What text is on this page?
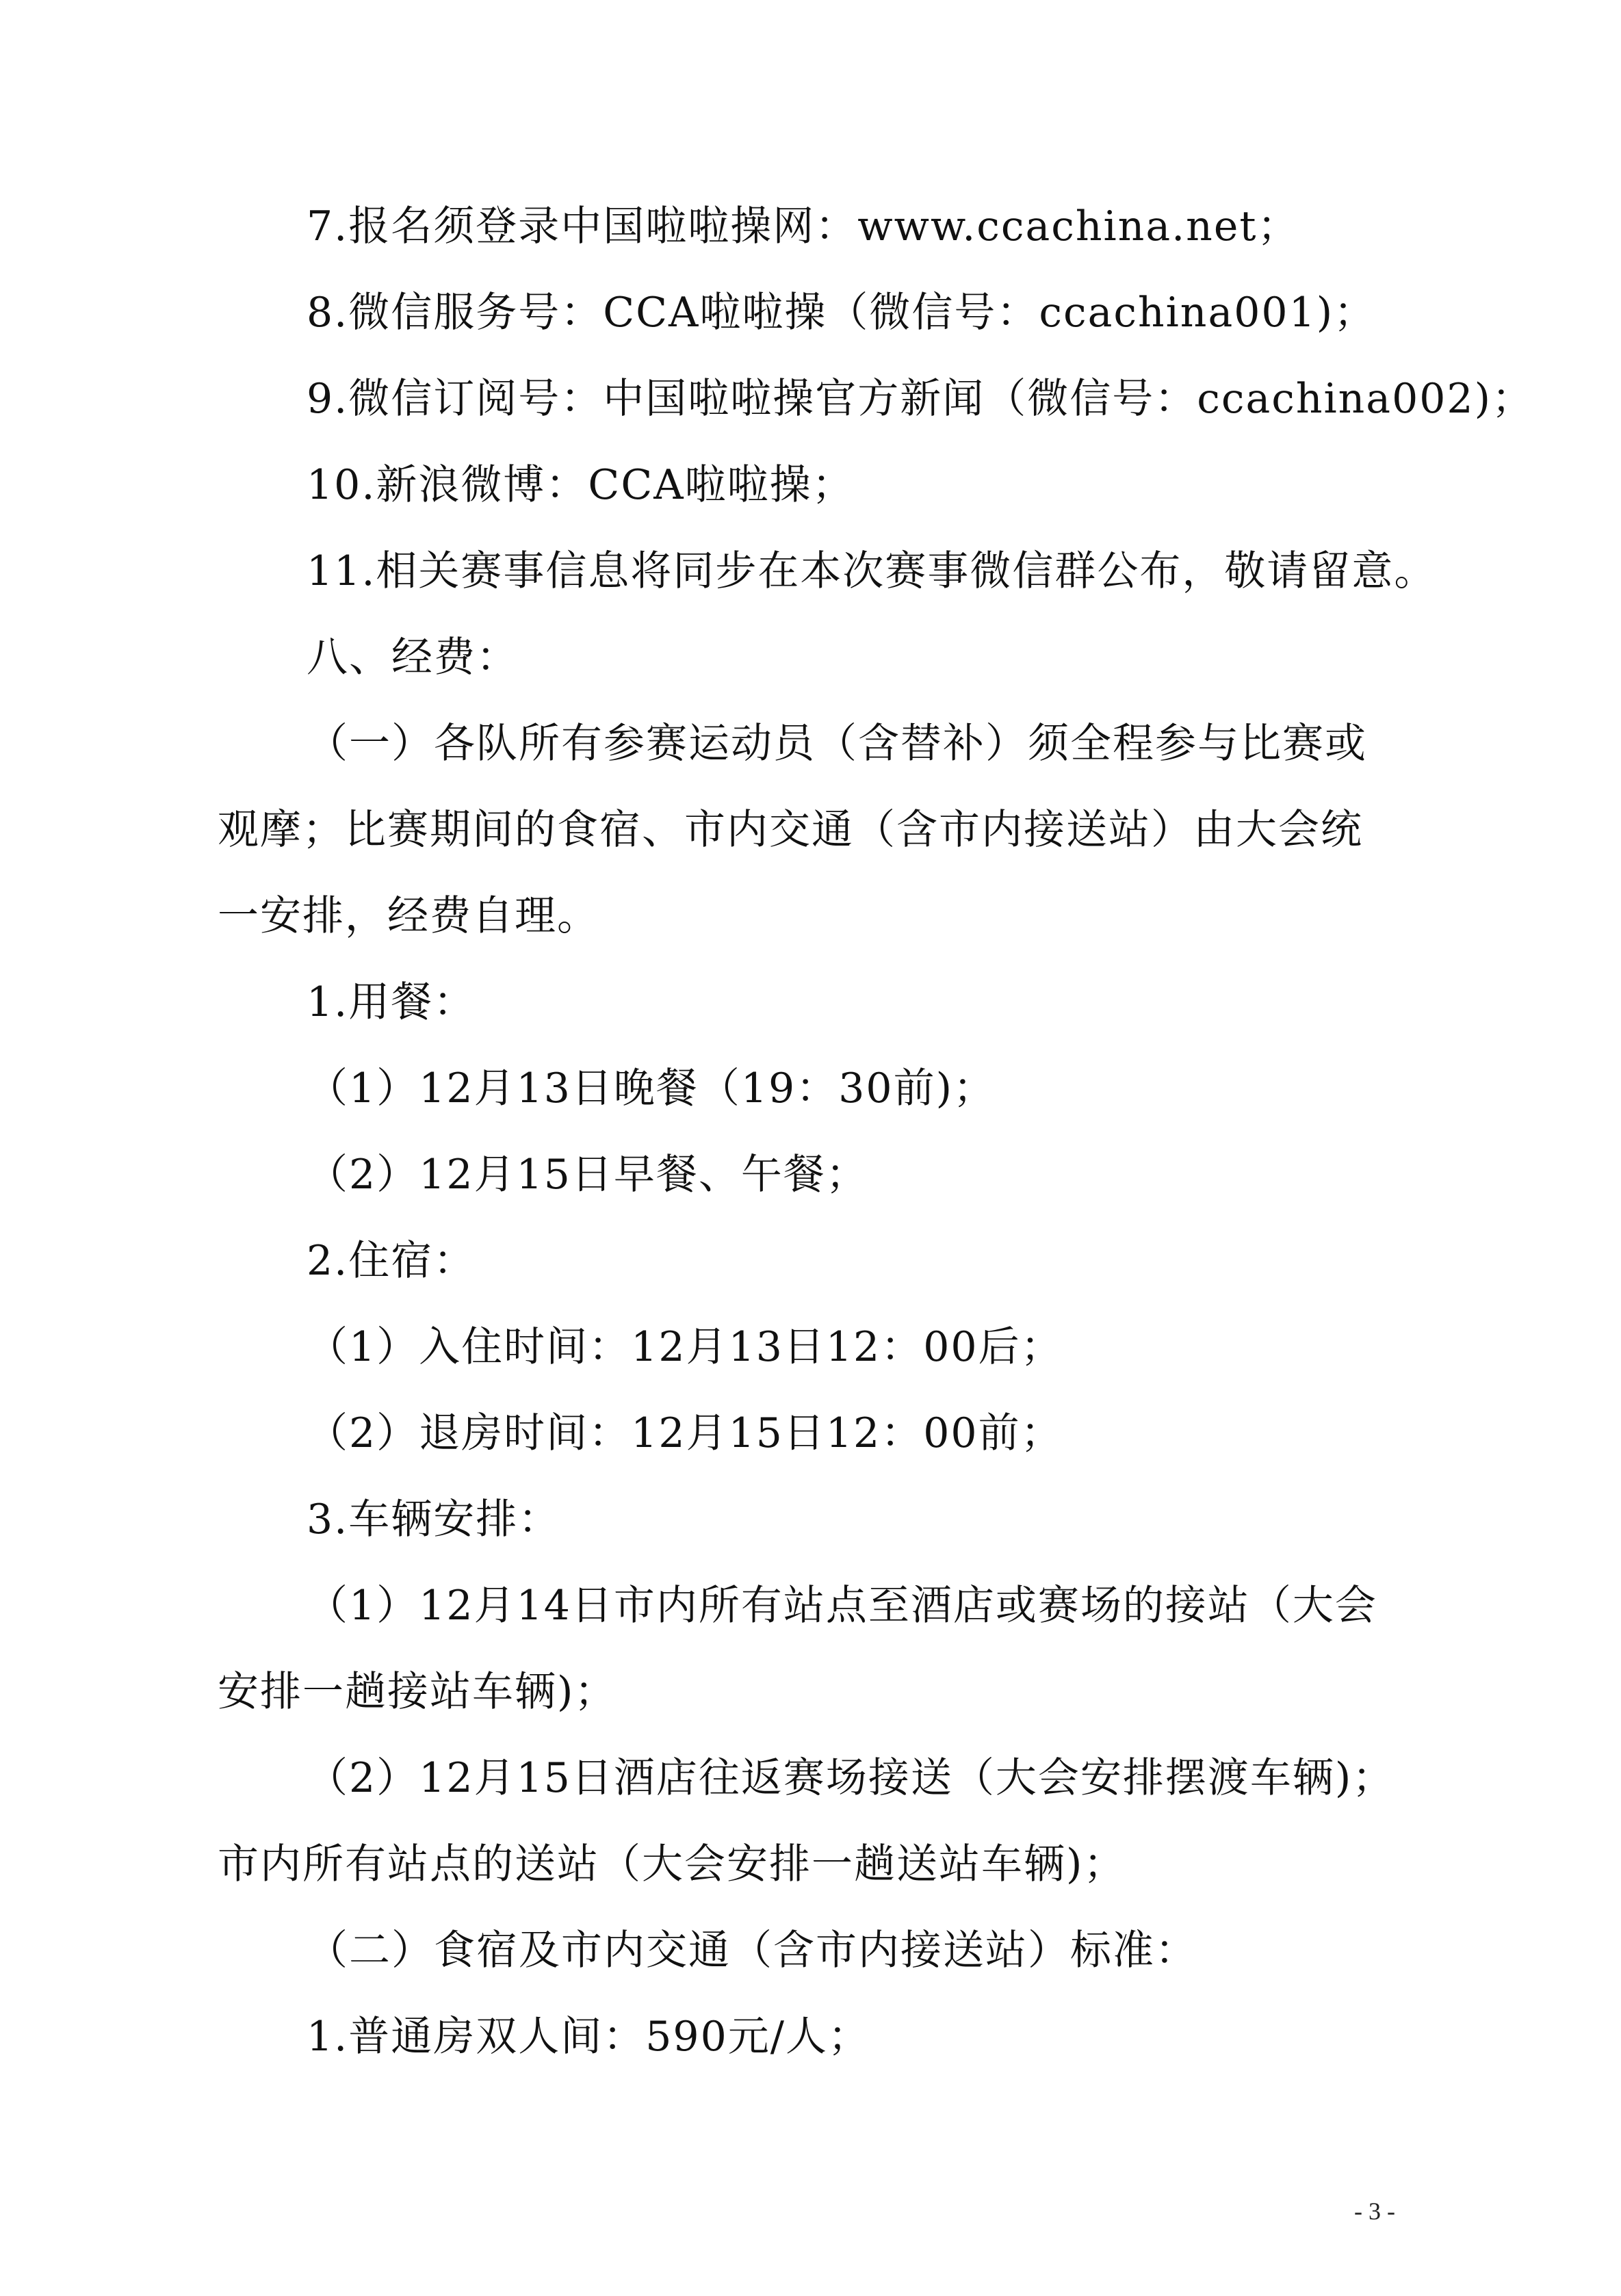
7.报名须登录中国啦啦操网：www.ccachina.net；
8.微信服务号：CCA啦啦操（微信号：ccachina001)；
9.微信订阅号：中国啦啦操官方新闻（微信号：ccachina002)；
10.新浪微博：CCA啦啦操；
11.相关赛事信息将同步在本次赛事微信群公布，敬请留意。
八、经费：
（一）各队所有参赛运动员（含替补）须全程参与比赛或
观摩；比赛期间的食宿、市内交通（含市内接送站）由大会统
一安排，经费自理。
1.用餐：
（1）12月13日晚餐（19：30前)；
（2）12月15日早餐、午餐；
2.住宿：
（1）入住时间：12月13日12：00后；
（2）退房时间：12月15日12：00前；
3.车辆安排：
（1）12月14日市内所有站点至酒店或赛场的接站（大会
安排一趟接站车辆)；
（2）12月15日酒店往返赛场接送（大会安排摆渡车辆)；
市内所有站点的送站（大会安排一趟送站车辆)；
（二）食宿及市内交通（含市内接送站）标准：
1.普通房双人间：590元/人；
- 3 -
